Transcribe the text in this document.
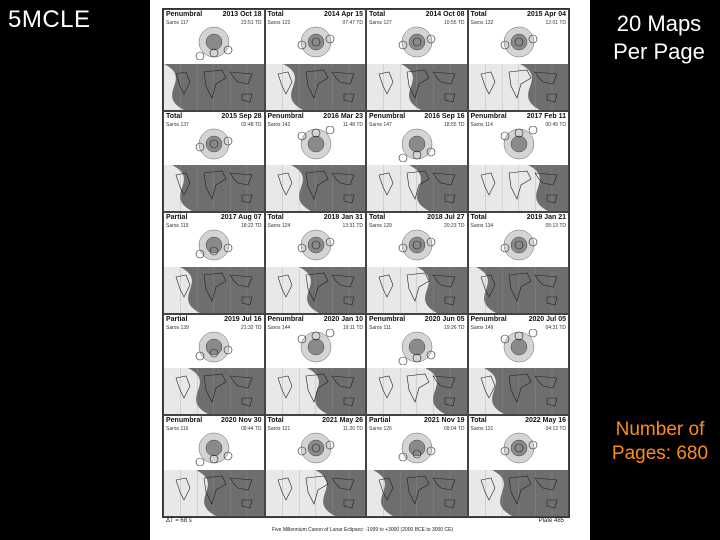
5MCLE	20 Maps Per Page
Number of Pages: 680
Penumbral	2013 Oct 18
Saros 117	23:51 TD
Total	2014 Apr 15
Saros 122	07:47 TD
Total	2014 Oct 08
Saros 127	10:55 TD
Total	2015 Apr 04
Saros 132	12:01 TD
Total	2015 Sep 28
Saros 137	02:48 TD
Penumbral	2016 Mar 23
Saros 142	11:48 TD
Penumbral	2016 Sep 16
Saros 147	18:55 TD
Penumbral	2017 Feb 11
Saros 114	00:45 TD
Partial	2017 Aug 07
Saros 119	18:22 TD
Total	2018 Jan 31
Saros 124	13:31 TD
Total	2018 Jul 27
Saros 129	20:23 TD
Total	2019 Jan 21
Saros 134	05:13 TD
Partial	2019 Jul 16
Saros 139	21:32 TD
Penumbral	2020 Jan 10
Saros 144	19:11 TD
Penumbral	2020 Jun 05
Saros 111	19:26 TD
Penumbral	2020 Jul 05
Saros 149	04:31 TD
Penumbral	2020 Nov 30
Saros 116	09:44 TD
Total	2021 May 26
Saros 121	11:20 TD
Partial	2021 Nov 19
Saros 126	09:04 TD
Total	2022 May 16
Saros 131	04:13 TD
ΔT = 68 s	Plate 485
Five Millennium Canon of Lunar Eclipses: -1999 to +3000 (2000 BCE to 3000 CE)
